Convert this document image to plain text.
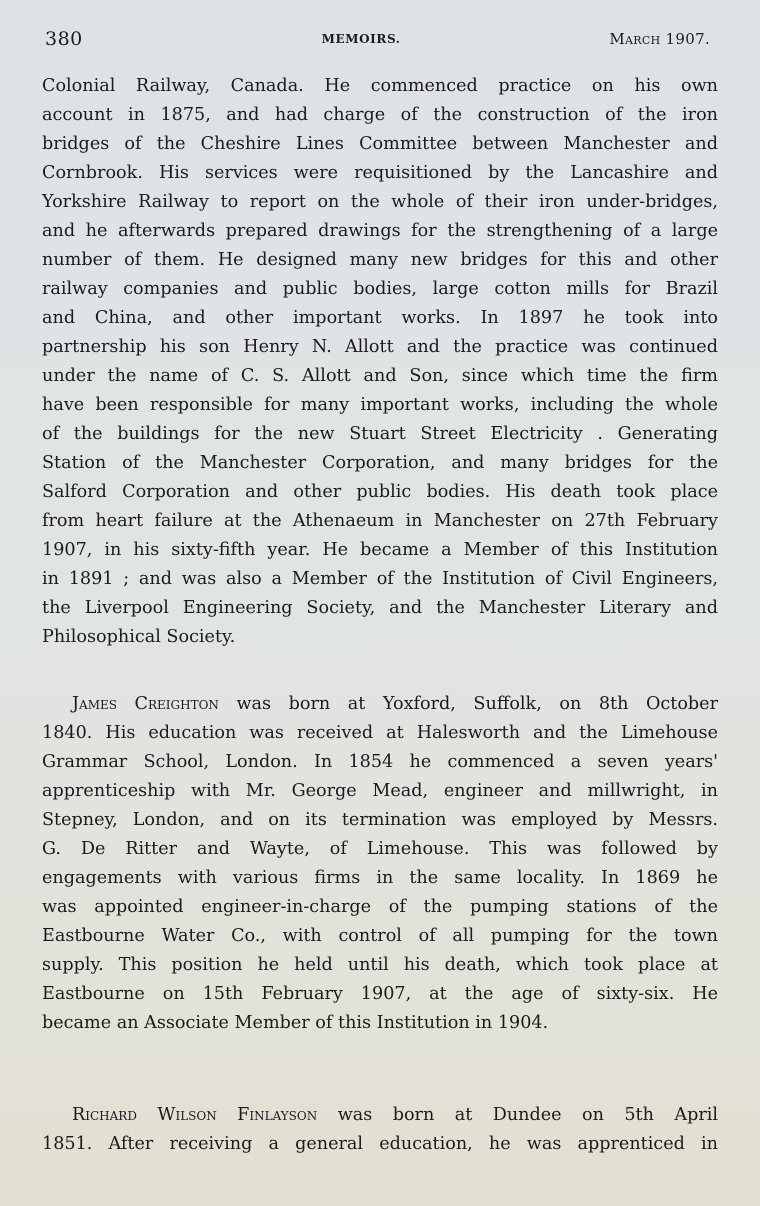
380	MEMOIRS.	March 1907.
Colonial Railway, Canada. He commenced practice on his own
account in 1875, and had charge of the construction of the iron
bridges of the Cheshire Lines Committee between Manchester and
Cornbrook. His services were requisitioned by the Lancashire and
Yorkshire Railway to report on the whole of their iron under-bridges,
and he afterwards prepared drawings for the strengthening of a large
number of them. He designed many new bridges for this and other
railway companies and public bodies, large cotton mills for Brazil
and China, and other important works. In 1897 he took into
partnership his son Henry N. Allott and the practice was continued
under the name of C. S. Allott and Son, since which time the firm
have been responsible for many important works, including the whole
of the buildings for the new Stuart Street Electricity . Generating
Station of the Manchester Corporation, and many bridges for the
Salford Corporation and other public bodies. His death took place
from heart failure at the Athenaeum in Manchester on 27th February
1907, in his sixty-fifth year. He became a Member of this Institution
in 1891 ; and was also a Member of the Institution of Civil Engineers,
the Liverpool Engineering Society, and the Manchester Literary and
Philosophical Society.
James Creighton was born at Yoxford, Suffolk, on 8th October
1840. His education was received at Halesworth and the Limehouse
Grammar School, London. In 1854 he commenced a seven years'
apprenticeship with Mr. George Mead, engineer and millwright, in
Stepney, London, and on its termination was employed by Messrs.
G. De Ritter and Wayte, of Limehouse. This was followed by
engagements with various firms in the same locality. In 1869 he
was appointed engineer-in-charge of the pumping stations of the
Eastbourne Water Co., with control of all pumping for the town
supply. This position he held until his death, which took place at
Eastbourne on 15th February 1907, at the age of sixty-six. He
became an Associate Member of this Institution in 1904.
Richard Wilson Finlayson was born at Dundee on 5th April
1851. After receiving a general education, he was apprenticed in
